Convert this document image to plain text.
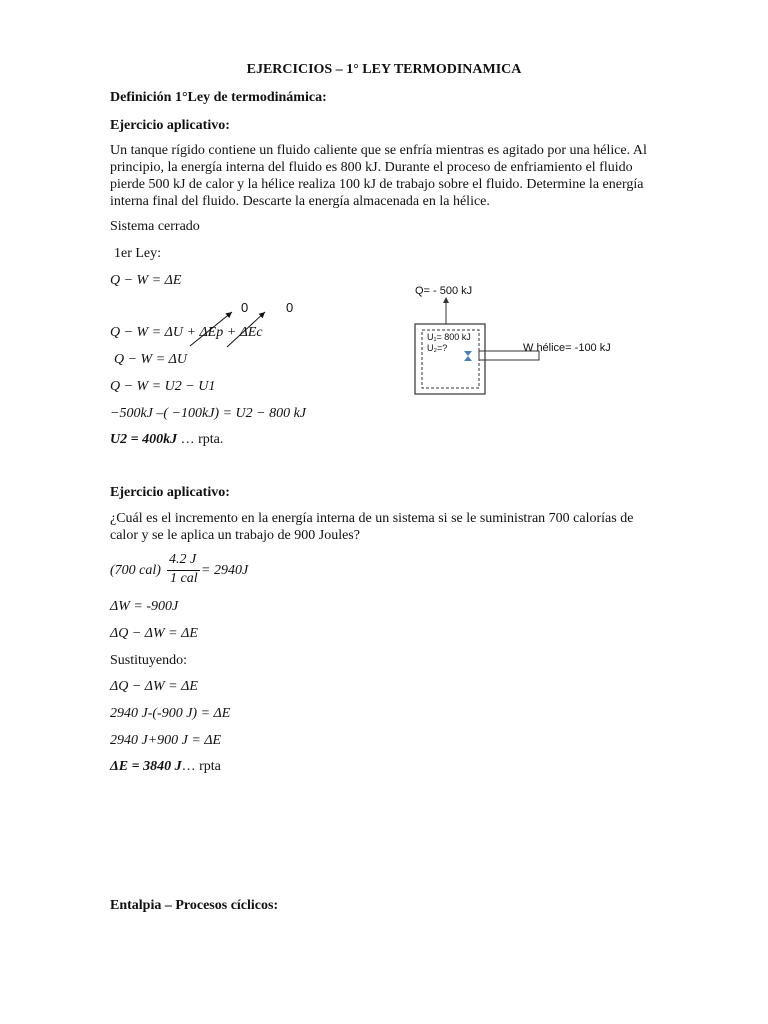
EJERCICIOS – 1° LEY TERMODINAMICA
Definición 1°Ley de termodinámica:
Ejercicio aplicativo:
Un tanque rígido contiene un fluido caliente que se enfría mientras es agitado por una hélice. Al principio, la energía interna del fluido es 800 kJ. Durante el proceso de enfriamiento el fluido pierde 500 kJ de calor y la hélice realiza 100 kJ de trabajo sobre el fluido. Determine la energía interna final del fluido. Descarte la energía almacenada en la hélice.
Sistema cerrado
1er Ley:
Q − W = ΔE
0	0
Q − W = ΔU + ΔEp + ΔEc
Q − W = ΔU
Q − W = U2 − U1
−500kJ –( −100kJ) = U2 − 800 kJ
U2 = 400kJ … rpta.
Q= - 500 kJ
U₁= 800 kJ
U₂=?	W hélice= -100 kJ
Ejercicio aplicativo:
¿Cuál es el incremento en la energía interna de un sistema si se le suministran 700 calorías de calor y se le aplica un trabajo de 900 Joules?
(700 cal)
4.2 J
1 cal
= 2940J
ΔW = -900J
ΔQ − ΔW = ΔE
Sustituyendo:
ΔQ − ΔW = ΔE
2940 J-(-900 J) = ΔE
2940 J+900 J = ΔE
ΔE = 3840 J… rpta
Entalpia – Procesos cíclicos:
